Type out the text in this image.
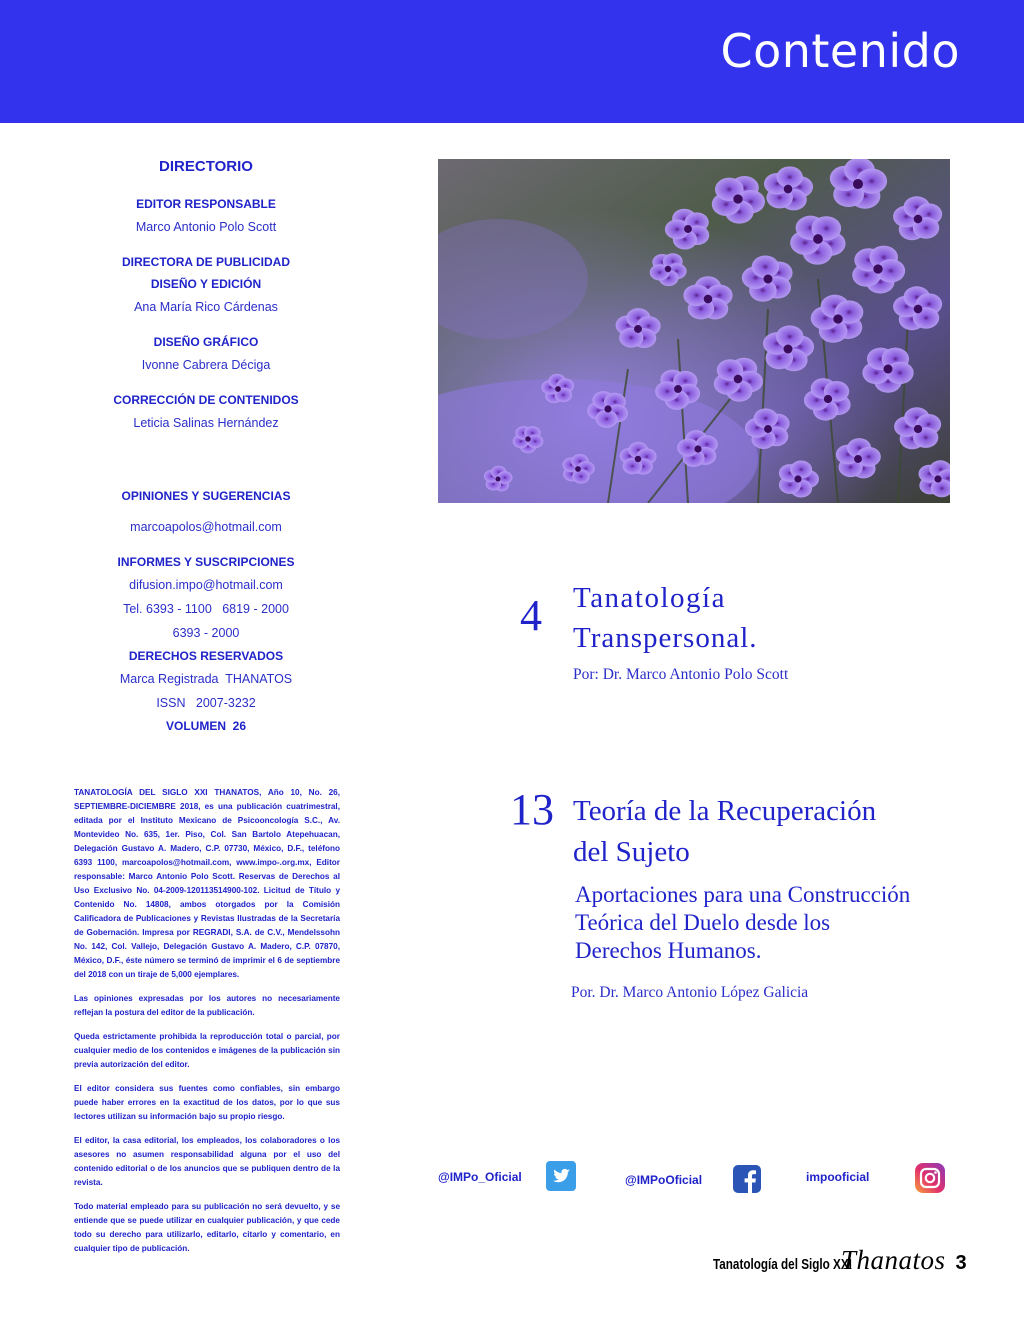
Contenido
DIRECTORIO

EDITOR RESPONSABLE

Marco Antonio Polo Scott

DIRECTORA DE PUBLICIDAD

DISEÑO Y EDICIÓN

Ana María Rico Cárdenas

DISEÑO GRÁFICO

Ivonne Cabrera Déciga

CORRECCIÓN DE CONTENIDOS

Leticia Salinas Hernández

OPINIONES Y SUGERENCIAS

marcoapolos@hotmail.com

INFORMES Y SUSCRIPCIONES

difusion.impo@hotmail.com

Tel. 6393 - 1100   6819 - 2000

6393 - 2000

DERECHOS RESERVADOS

Marca Registrada  THANATOS

ISSN   2007-3232

VOLUMEN  26

TANATOLOGÍA DEL SIGLO XXI THANATOS, Año 10, No. 26, SEPTIEMBRE-DICIEMBRE 2018, es una publicación cuatrimestral, editada por el Instituto Mexicano de Psicooncología S.C., Av. Montevideo No. 635, 1er. Piso, Col. San Bartolo Atepehuacan, Delegación Gustavo A. Madero, C.P. 07730, México, D.F., teléfono 6393 1100, marcoapolos@hotmail.com, www.impo-.org.mx, Editor responsable: Marco Antonio Polo Scott. Reservas de Derechos al Uso Exclusivo No. 04-2009-120113514900-102. Licitud de Título y Contenido No. 14808, ambos otorgados por la Comisión Calificadora de Publicaciones y Revistas Ilustradas de la Secretaría de Gobernación. Impresa por REGRADI, S.A. de C.V., Mendelssohn No. 142, Col. Vallejo, Delegación Gustavo A. Madero, C.P. 07870, México, D.F., éste número se terminó de imprimir el 6 de septiembre del 2018 con un tiraje de 5,000 ejemplares.

Las opiniones expresadas por los autores no necesariamente reflejan la postura del editor de la publicación.

Queda estrictamente prohibida la reproducción total o parcial, por cualquier medio de los contenidos e imágenes de la publicación sin previa autorización del editor.

El editor considera sus fuentes como confiables, sin embargo puede haber errores en la exactitud de los datos, por lo que sus lectores utilizan su información bajo su propio riesgo.

El editor, la casa editorial, los empleados, los colaboradores o los asesores no asumen responsabilidad alguna por el uso del contenido editorial o de los anuncios que se publiquen dentro de la revista.

Todo material empleado para su publicación no será devuelto, y se entiende que se puede utilizar en cualquier publicación, y que cede todo su derecho para utilizarlo, editarlo, citarlo y comentario, en cualquier tipo de publicación.

4 Tanatología
Transpersonal.

Por: Dr. Marco Antonio Polo Scott

13 Teoría de la Recuperación
del Sujeto

Aportaciones para una Construcción

Teórica del Duelo desde los

Derechos Humanos.

Por. Dr. Marco Antonio López Galicia

@IMPo_Oficial	@IMPoOficial	impooficial
Tanatología del Siglo XXI
Thanatos 3
